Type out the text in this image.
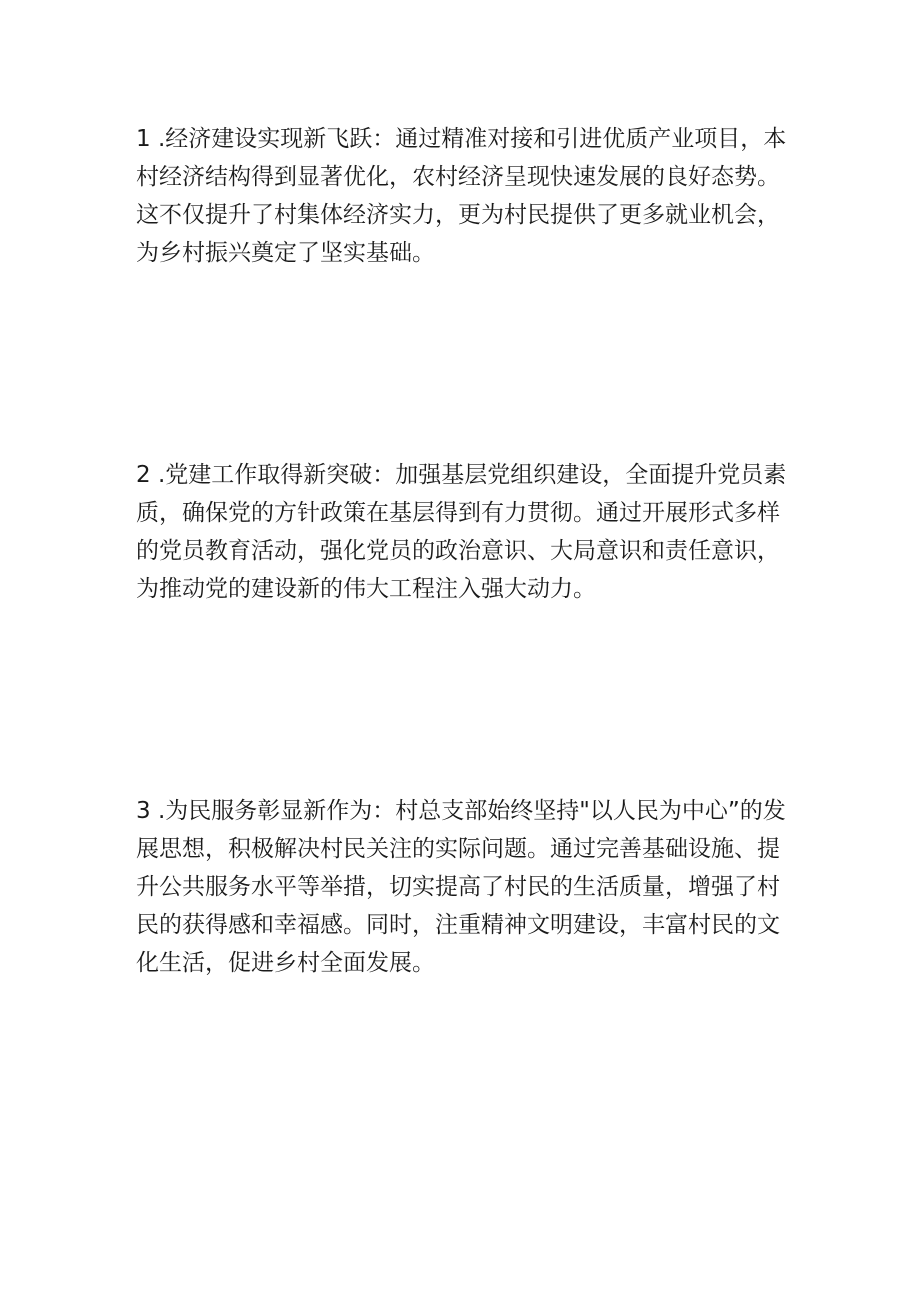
1 .经济建设实现新飞跃：通过精准对接和引进优质产业项目，本
村经济结构得到显著优化，农村经济呈现快速发展的良好态势。
这不仅提升了村集体经济实力，更为村民提供了更多就业机会，
为乡村振兴奠定了坚实基础。

2 .党建工作取得新突破：加强基层党组织建设，全面提升党员素
质，确保党的方针政策在基层得到有力贯彻。通过开展形式多样
的党员教育活动，强化党员的政治意识、大局意识和责任意识，
为推动党的建设新的伟大工程注入强大动力。

3 .为民服务彰显新作为：村总支部始终坚持"以人民为中心”的发
展思想，积极解决村民关注的实际问题。通过完善基础设施、提
升公共服务水平等举措，切实提高了村民的生活质量，增强了村
民的获得感和幸福感。同时，注重精神文明建设，丰富村民的文
化生活，促进乡村全面发展。
